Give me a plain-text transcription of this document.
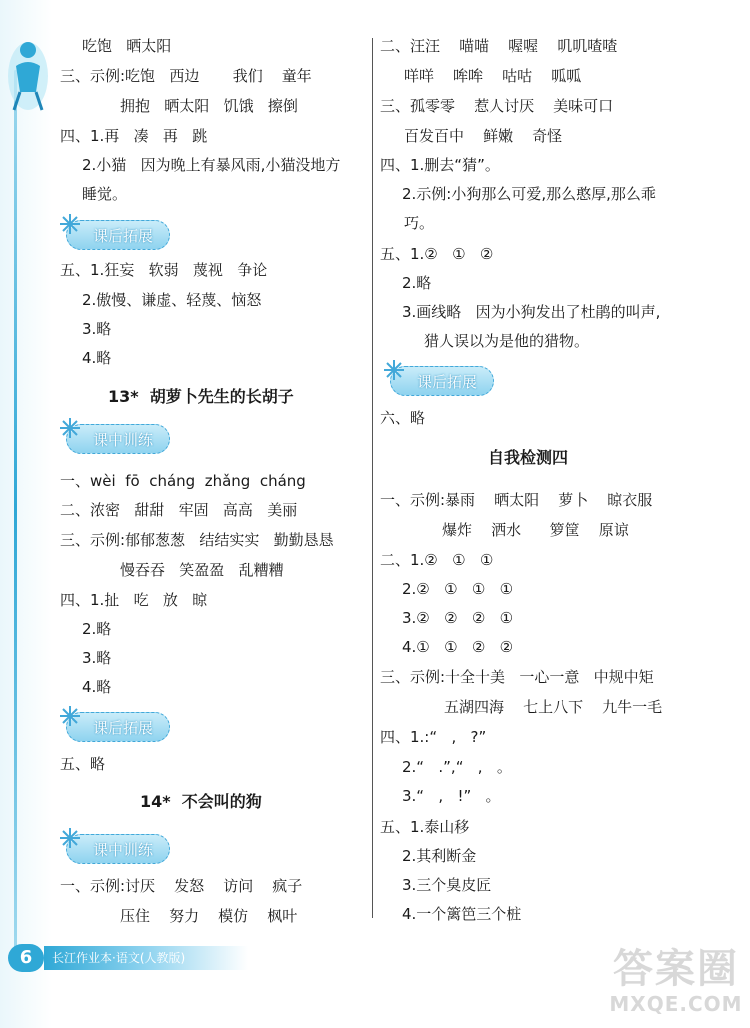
吃饱   晒太阳
三、示例:吃饱   西边       我们    童年
拥抱   晒太阳   饥饿   擦倒
四、1.再   凑   再   跳
2.小猫   因为晚上有暴风雨,小猫没地方
睡觉。
课后拓展
五、1.狂妄   软弱   蔑视   争论
2.傲慢、谦虚、轻蔑、恼怒
3.略
4.略
13*  胡萝卜先生的长胡子
课中训练
一、wèi  fō  cháng  zhǎng  cháng
二、浓密   甜甜   牢固   高高   美丽
三、示例:郁郁葱葱   结结实实   勤勤恳恳
慢吞吞   笑盈盈   乱糟糟
四、1.扯   吃   放   晾
2.略
3.略
4.略
课后拓展
五、略
14*  不会叫的狗
课中训练
一、示例:讨厌    发怒    访问    疯子
压住    努力    模仿    枫叶
二、汪汪    喵喵    喔喔    叽叽喳喳
咩咩    哞哞    咕咕    呱呱
三、孤零零    惹人讨厌    美味可口
百发百中    鲜嫩    奇怪
四、1.删去“猜”。
2.示例:小狗那么可爱,那么憨厚,那么乖
巧。
五、1.②   ①   ②
2.略
3.画线略   因为小狗发出了杜鹃的叫声,
猎人误以为是他的猎物。
课后拓展
六、略
自我检测四
一、示例:暴雨    晒太阳    萝卜    晾衣服
爆炸    洒水      箩筐    原谅
二、1.②   ①   ①
2.②   ①   ①   ①
3.②   ②   ②   ①
4.①   ①   ②   ②
三、示例:十全十美   一心一意   中规中矩
五湖四海    七上八下    九牛一毛
四、1.:“   ,   ?”
2.“   .”,“   ,   。
3.“   ,   !”   。
五、1.泰山移
2.其利断金
3.三个臭皮匠
4.一个篱笆三个桩
6	长江作业本·语文(人教版)	答案圈
MXQE.COM
